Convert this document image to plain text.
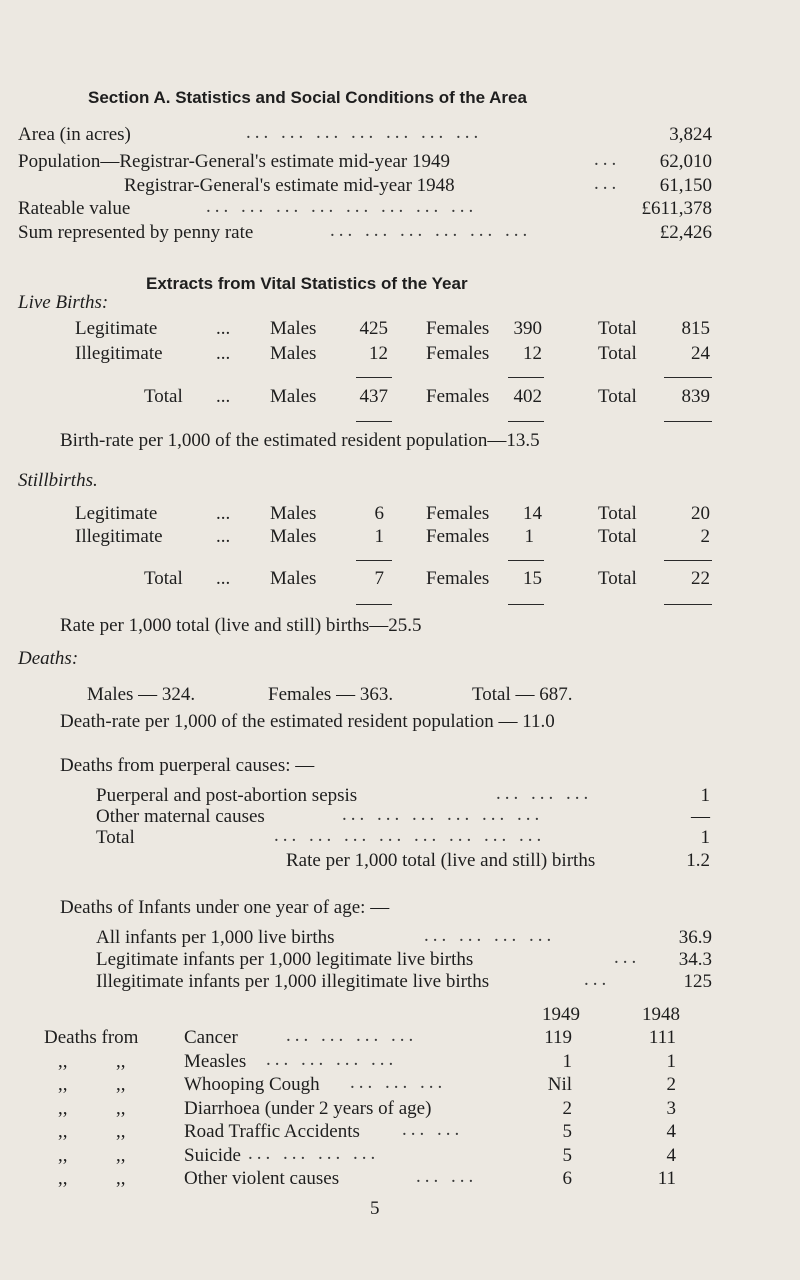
Section A. Statistics and Social Conditions of the Area
Area (in acres)	... ... ... ... ... ... ...	3,824
Population—Registrar-General's estimate mid-year 1949	... 62,010
Registrar-General's estimate mid-year 1948	... 61,150
Rateable value	... ... ... ... ... ... ... ...	£611,378
Sum represented by penny rate	... ... ... ... ... ...	£2,426
Extracts from Vital Statistics of the Year
Live Births:
Legitimate	... Males 425 Females 390	Total 815
Illegitimate	... Males	12 Females 12	Total	24
Total ... Males 437 Females 402	Total 839
Birth-rate per 1,000 of the estimated resident population—13.5
Stillbirths.
Legitimate	... Males	6 Females 14	Total	20
Illegitimate	... Males	1 Females 1	Total	2
Total ... Males	7 Females 15	Total	22
Rate per 1,000 total (live and still) births—25.5
Deaths:
Males — 324.	Females — 363.	Total — 687.
Death-rate per 1,000 of the estimated resident population — 11.0
Deaths from puerperal causes: —
Puerperal and post-abortion sepsis	... ... ...	1
Other maternal causes	... ... ... ... ... ...	—
Total	... ... ... ... ... ... ... ...	1
Rate per 1,000 total (live and still) births	1.2
Deaths of Infants under one year of age: —
All infants per 1,000 live births	... ... ... ...	36.9
Legitimate infants per 1,000 legitimate live births	... 34.3
Illegitimate infants per 1,000 illegitimate live births	...	125
1949	1948
Deaths from Cancer	... ... ... ...	119	111
,,	,,	Measles ... ... ... ...	1	1
,,	,,	Whooping Cough ... ... ...	Nil	2
,,	,,	Diarrhoea (under 2 years of age)	2	3
,,	,,	Road Traffic Accidents ... ...	5	4
,,	,,	Suicide ... ... ... ...	5	4
,,	,,	Other violent causes	... ...	6	11
5
